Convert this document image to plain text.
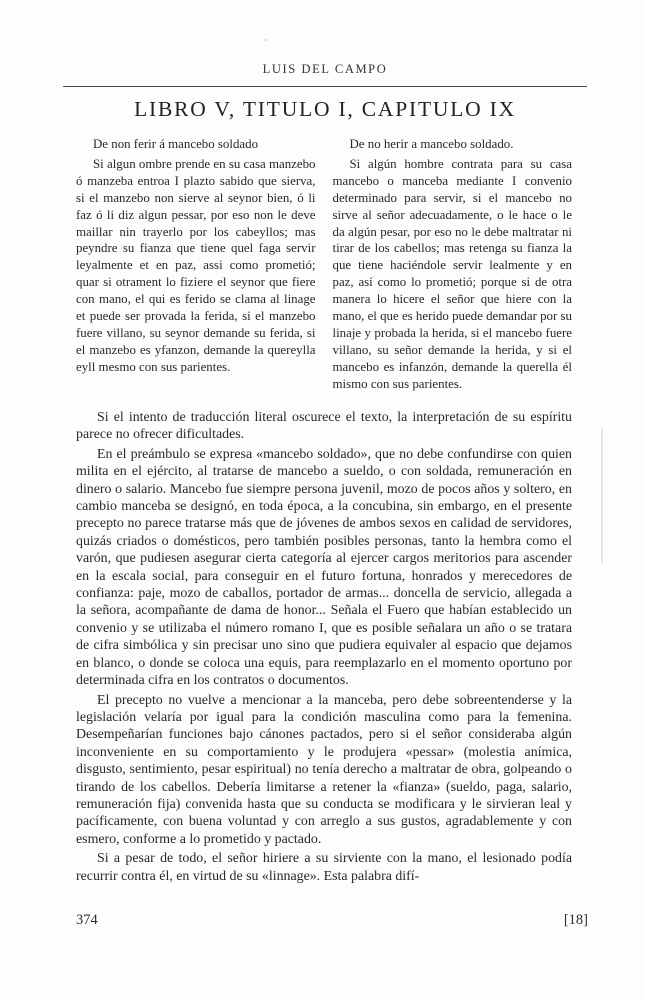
LUIS DEL CAMPO
LIBRO V, TITULO I, CAPITULO IX

De non ferir á mancebo soldado

Si algun ombre prende en su casa manzebo ó manzeba entroa I plazto sabido que sierva, si el manzebo non sierve al seynor bien, ó li faz ó li diz algun pessar, por eso non le deve maillar nin trayerlo por los cabeyllos; mas peyndre su fianza que tiene quel faga servir leyalmente et en paz, assi como prometió; quar si otrament lo fiziere el seynor que fiere con mano, el qui es ferido se clama al linage et puede ser provada la ferida, si el manzebo fuere villano, su seynor demande su ferida, si el manzebo es yfanzon, demande la quereylla eyll mesmo con sus parientes.

De no herir a mancebo soldado.

Si algún hombre contrata para su casa mancebo o manceba mediante I convenio determinado para servir, si el mancebo no sirve al señor adecuadamente, o le hace o le da algún pesar, por eso no le debe maltratar ni tirar de los cabellos; mas retenga su fianza la que tiene haciéndole servir lealmente y en paz, así como lo prometió; porque si de otra manera lo hicere el señor que hiere con la mano, el que es herido puede demandar por su linaje y probada la herida, si el mancebo fuere villano, su señor demande la herida, y si el mancebo es infanzón, demande la querella él mismo con sus parientes.

Si el intento de traducción literal oscurece el texto, la interpretación de su espíritu parece no ofrecer dificultades.

En el preámbulo se expresa «mancebo soldado», que no debe confundirse con quien milita en el ejército, al tratarse de mancebo a sueldo, o con soldada, remuneración en dinero o salario. Mancebo fue siempre persona juvenil, mozo de pocos años y soltero, en cambio manceba se designó, en toda época, a la concubina, sin embargo, en el presente precepto no parece tratarse más que de jóvenes de ambos sexos en calidad de servidores, quizás criados o domésticos, pero también posibles personas, tanto la hembra como el varón, que pudiesen asegurar cierta categoría al ejercer cargos meritorios para ascender en la escala social, para conseguir en el futuro fortuna, honrados y merecedores de confianza: paje, mozo de caballos, portador de armas... doncella de servicio, allegada a la señora, acompañante de dama de honor... Señala el Fuero que habían establecido un convenio y se utilizaba el número romano I, que es posible señalara un año o se tratara de cifra simbólica y sin precisar uno sino que pudiera equivaler al espacio que dejamos en blanco, o donde se coloca una equis, para reemplazarlo en el momento oportuno por determinada cifra en los contratos o documentos.

El precepto no vuelve a mencionar a la manceba, pero debe sobreentenderse y la legislación velaría por igual para la condición masculina como para la femenina. Desempeñarían funciones bajo cánones pactados, pero si el señor consideraba algún inconveniente en su comportamiento y le produjera «pessar» (molestia anímica, disgusto, sentimiento, pesar espiritual) no tenía derecho a maltratar de obra, golpeando o tirando de los cabellos. Debería limitarse a retener la «fianza» (sueldo, paga, salario, remuneración fija) convenida hasta que su conducta se modificara y le sirvieran leal y pacíficamente, con buena voluntad y con arreglo a sus gustos, agradablemente y con esmero, conforme a lo prometido y pactado.

Si a pesar de todo, el señor hiriere a su sirviente con la mano, el lesionado podía recurrir contra él, en virtud de su «linnage». Esta palabra difí-

374	[18]
